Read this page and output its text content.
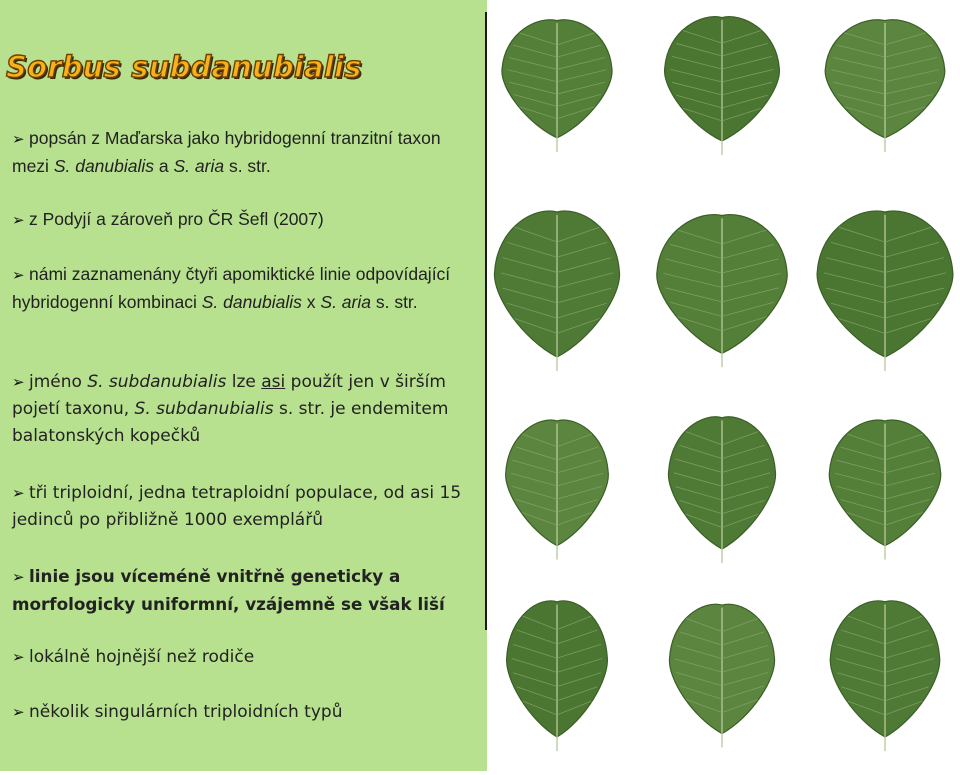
Sorbus subdanubialis

➢ popsán z Maďarska jako hybridogenní tranzitní taxon mezi S. danubialis a S. aria s. str.

➢ z Podyjí a zároveň pro ČR Šefl (2007)

➢ námi zaznamenány čtyři apomiktické linie odpovídající hybridogenní kombinaci S. danubialis x S. aria s. str.

➢ jméno S. subdanubialis lze asi použít jen v širším pojetí taxonu, S. subdanubialis s. str. je endemitem balatonských kopečků

➢ tři triploidní, jedna tetraploidní populace, od asi 15 jedinců po přibližně 1000 exemplářů

➢ linie jsou víceméně vnitřně geneticky a morfologicky uniformní, vzájemně se však liší

➢ lokálně hojnější než rodiče

➢ několik singulárních triploidních typů
